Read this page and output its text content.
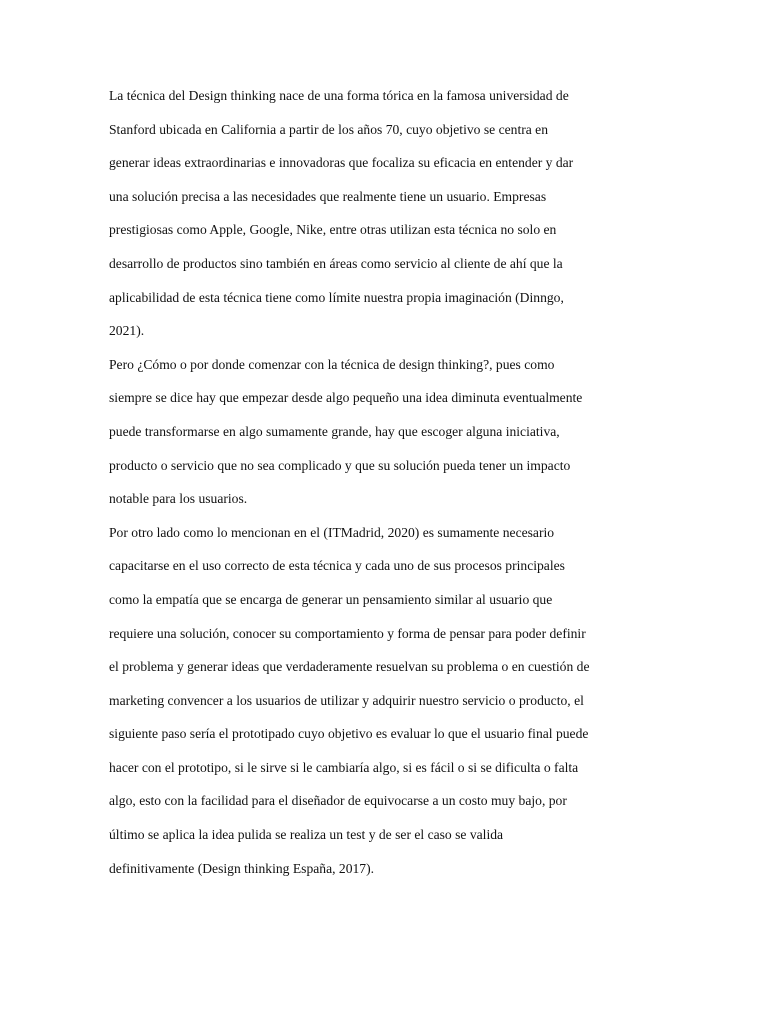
La técnica del Design thinking nace de una forma tórica en la famosa universidad de
Stanford ubicada en California a partir de los años 70, cuyo objetivo se centra en
generar ideas extraordinarias e innovadoras que focaliza su eficacia en entender y dar
una solución precisa a las necesidades que realmente tiene un usuario. Empresas
prestigiosas como Apple, Google, Nike, entre otras utilizan esta técnica no solo en
desarrollo de productos sino también en áreas como servicio al cliente de ahí que la
aplicabilidad de esta técnica tiene como límite nuestra propia imaginación (Dinngo,
2021).
Pero ¿Cómo o por donde comenzar con la técnica de design thinking?, pues como
siempre se dice hay que empezar desde algo pequeño una idea diminuta eventualmente
puede transformarse en algo sumamente grande, hay que escoger alguna iniciativa,
producto o servicio que no sea complicado y que su solución pueda tener un impacto
notable para los usuarios.
Por otro lado como lo mencionan en el (ITMadrid, 2020) es sumamente necesario
capacitarse en el uso correcto de esta técnica y cada uno de sus procesos principales
como la empatía que se encarga de generar un pensamiento similar al usuario que
requiere una solución, conocer su comportamiento y forma de pensar para poder definir
el problema y generar ideas que verdaderamente resuelvan su problema o en cuestión de
marketing convencer a los usuarios de utilizar y adquirir nuestro servicio o producto, el
siguiente paso sería el prototipado cuyo objetivo es evaluar lo que el usuario final puede
hacer con el prototipo, si le sirve si le cambiaría algo, si es fácil o si se dificulta o falta
algo, esto con la facilidad para el diseñador de equivocarse a un costo muy bajo, por
último se aplica la idea pulida se realiza un test y de ser el caso se valida
definitivamente (Design thinking España, 2017).
